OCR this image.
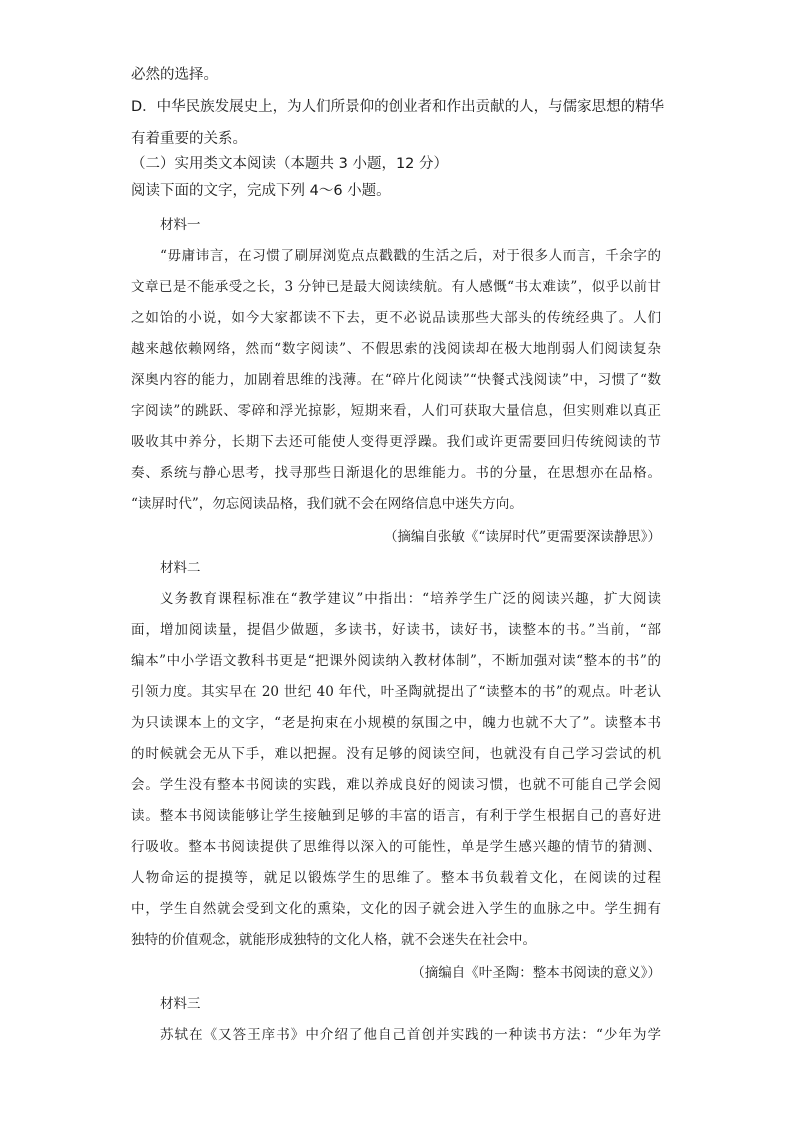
必然的选择。
D．中华民族发展史上，为人们所景仰的创业者和作出贡献的人，与儒家思想的精华
有着重要的关系。
（二）实用类文本阅读（本题共 3 小题，12 分）
阅读下面的文字，完成下列 4～6 小题。
材料一
“毋庸讳言，在习惯了刷屏浏览点点戳戳的生活之后，对于很多人而言，千余字的
文章已是不能承受之长，3 分钟已是最大阅读续航。有人感慨“书太难读”，似乎以前甘
之如饴的小说，如今大家都读不下去，更不必说品读那些大部头的传统经典了。人们
越来越依赖网络，然而“数字阅读”、不假思索的浅阅读却在极大地削弱人们阅读复杂
深奥内容的能力，加剧着思维的浅薄。在“碎片化阅读”“快餐式浅阅读”中，习惯了“数
字阅读”的跳跃、零碎和浮光掠影，短期来看，人们可获取大量信息，但实则难以真正
吸收其中养分，长期下去还可能使人变得更浮躁。我们或许更需要回归传统阅读的节
奏、系统与静心思考，找寻那些日渐退化的思维能力。书的分量，在思想亦在品格。
“读屏时代”，勿忘阅读品格，我们就不会在网络信息中迷失方向。
（摘编自张敏《“读屏时代”更需要深读静思》）
材料二
义务教育课程标准在“教学建议”中指出：“培养学生广泛的阅读兴趣，扩大阅读
面，增加阅读量，提倡少做题，多读书，好读书，读好书，读整本的书。”当前，“部
编本”中小学语文教科书更是“把课外阅读纳入教材体制”，不断加强对读“整本的书”的
引领力度。其实早在 20 世纪 40 年代，叶圣陶就提出了“读整本的书”的观点。叶老认
为只读课本上的文字，“老是拘束在小规模的氛围之中，魄力也就不大了”。读整本书
的时候就会无从下手，难以把握。没有足够的阅读空间，也就没有自己学习尝试的机
会。学生没有整本书阅读的实践，难以养成良好的阅读习惯，也就不可能自己学会阅
读。整本书阅读能够让学生接触到足够的丰富的语言，有利于学生根据自己的喜好进
行吸收。整本书阅读提供了思维得以深入的可能性，单是学生感兴趣的情节的猜测、
人物命运的提摸等，就足以锻炼学生的思维了。整本书负载着文化，在阅读的过程
中，学生自然就会受到文化的熏染，文化的因子就会进入学生的血脉之中。学生拥有
独特的价值观念，就能形成独特的文化人格，就不会迷失在社会中。
（摘编自《叶圣陶：整本书阅读的意义》）
材料三
苏轼在《又答王庠书》中介绍了他自己首创并实践的一种读书方法：“少年为学
